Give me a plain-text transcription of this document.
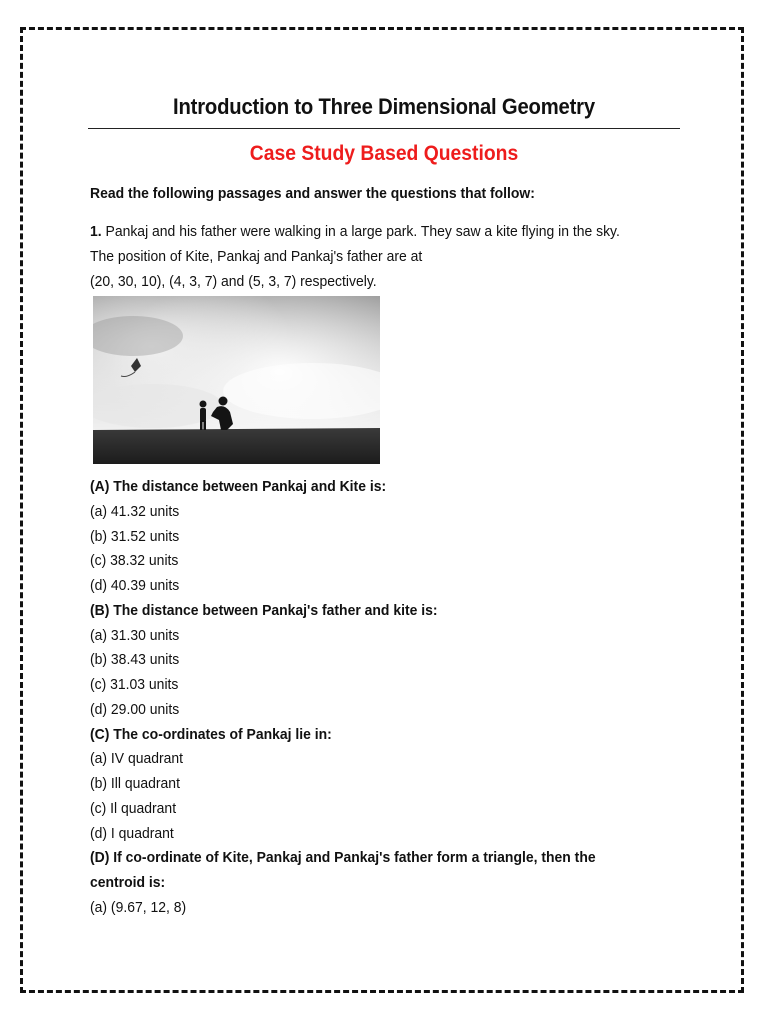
Introduction to Three Dimensional Geometry
Case Study Based Questions
Read the following passages and answer the questions that follow:
1. Pankaj and his father were walking in a large park. They saw a kite flying in the sky.
The position of Kite, Pankaj and Pankaj's father are at
(20, 30, 10), (4, 3, 7) and (5, 3, 7) respectively.
(A) The distance between Pankaj and Kite is:
(a) 41.32 units
(b) 31.52 units
(c) 38.32 units
(d) 40.39 units
(B) The distance between Pankaj's father and kite is:
(a) 31.30 units
(b) 38.43 units
(c) 31.03 units
(d) 29.00 units
(C) The co-ordinates of Pankaj lie in:
(a) IV quadrant
(b) Ill quadrant
(c) Il quadrant
(d) I quadrant
(D) If co-ordinate of Kite, Pankaj and Pankaj's father form a triangle, then the
centroid is:
(a) (9.67, 12, 8)
